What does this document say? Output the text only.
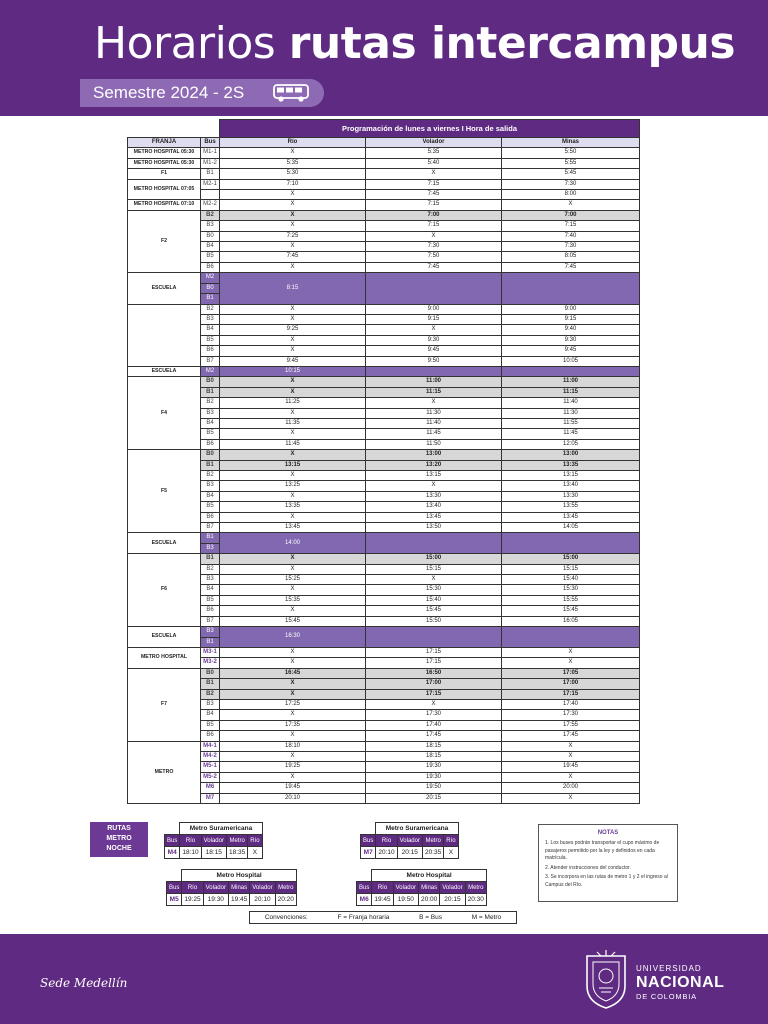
Horarios rutas intercampus
Semestre 2024 - 2S
		Programación de lunes a viernes I Hora de salida		
FRANJA	Bus	Río	Volador	Minas
METRO HOSPITAL 05:30	M1-1	X	5:35	5:50
METRO HOSPITAL 05:30	M1-2	5:35	5:40	5:55
F1	B1	5:30	X	5:45
METRO HOSPITAL 07:05	M2-1	7:10	7:15	7:30
		X	7:45	8:00
METRO HOSPITAL 07:10	M2-2	X	7:15	X
F2	B2	X	7:00	7:00
	B3	X	7:15	7:15
	B0	7:25	X	7:40
	B4	X	7:30	7:30
	B5	7:45	7:50	8:05
	B6	X	7:45	7:45
ESCUELA	M2	8:15		
	B0			
	B1			
	B2	X	9:00	9:00
	B3	X	9:15	9:15
	B4	9:25	X	9:40
	B5	X	9:30	9:30
	B6	X	9:45	9:45
	B7	9:45	9:50	10:05
ESCUELA	M2	10:15		
F4	B0	X	11:00	11:00
	B1	X	11:15	11:15
	B2	11:25	X	11:40
	B3	X	11:30	11:30
	B4	11:35	11:40	11:55
	B5	X	11:45	11:45
	B6	11:45	11:50	12:05
F5	B0	X	13:00	13:00
	B1	13:15	13:20	13:35
	B2	X	13:15	13:15
	B3	13:25	X	13:40
	B4	X	13:30	13:30
	B5	13:35	13:40	13:55
	B6	X	13:45	13:45
	B7	13:45	13:50	14:05
ESCUELA	B1	14:00		
	B3			
F6	B1	X	15:00	15:00
	B2	X	15:15	15:15
	B3	15:25	X	15:40
	B4	X	15:30	15:30
	B5	15:35	15:40	15:55
	B6	X	15:45	15:45
	B7	15:45	15:50	16:05
ESCUELA	B3	16:30		
	B1			
METRO HOSPITAL	M3-1	X	17:15	X
	M3-2	X	17:15	X
F7	B0	16:45	16:50	17:05
	B1	X	17:00	17:00
	B2	X	17:15	17:15
	B3	17:25	X	17:40
	B4	X	17:30	17:30
	B5	17:35	17:40	17:55
	B6	X	17:45	17:45
METRO	M4-1	18:10	18:15	X
	M4-2	X	18:15	X
	M5-1	19:25	19:30	19:45
	M5-2	X	19:30	X
	M6	19:45	19:50	20:00
	M7	20:10	20:15	X
RUTAS
METRO
NOCHE
	Metro Suramericana			
Bus	Río	Volador	Metro	Río
M4	18:10	18:15	18:35	X
	Metro Suramericana			
Bus	Río	Volador	Metro	Río
M7	20:10	20:15	20:35	X
	Metro Hospital				
Bus	Río	Volador	Minas	Volador	Metro
M5	19:25	19:30	19:45	20:10	20:20
	Metro Hospital				
Bus	Río	Volador	Minas	Volador	Metro
M6	19:45	19:50	20:00	20:15	20:30
NOTAS

1. Los buses podrán transportar el cupo máximo de pasajeros permitido por la ley y definidos en cada matrícula.

2. Atender instrucciones del conductor.

3. Se incorpora en las rutas de metro 1 y 2 el ingreso al Campus del Río.

Convenciones:	F = Franja horaria	B = Bus	M = Metro
Sede Medellín
UNIVERSIDAD
NACIONAL
DE COLOMBIA
